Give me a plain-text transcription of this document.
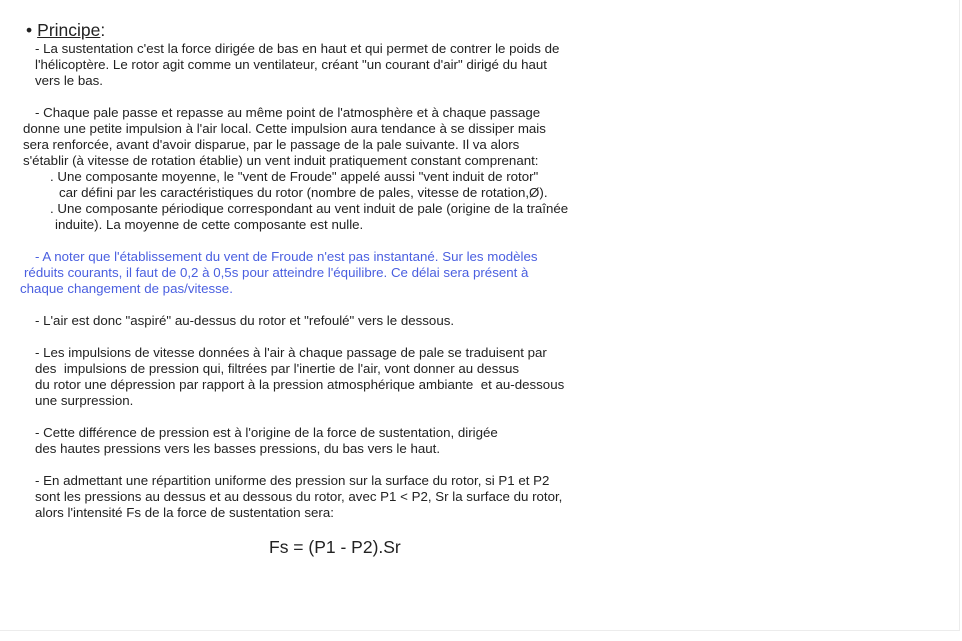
• Principe:

- La sustentation c'est la force dirigée de bas en haut et qui permet de contrer le poids de

l'hélicoptère. Le rotor agit comme un ventilateur, créant "un courant d'air" dirigé du haut

vers le bas.

- Chaque pale passe et repasse au même point de l'atmosphère et à chaque passage

donne une petite impulsion à l'air local. Cette impulsion aura tendance à se dissiper mais

sera renforcée, avant d'avoir disparue, par le passage de la pale suivante. Il va alors

s'établir (à vitesse de rotation établie) un vent induit pratiquement constant comprenant:

. Une composante moyenne, le "vent de Froude" appelé aussi "vent induit de rotor"

car défini par les caractéristiques du rotor (nombre de pales, vitesse de rotation,Ø).

. Une composante périodique correspondant au vent induit de pale (origine de la traînée

induite). La moyenne de cette composante est nulle.

- A noter que l'établissement du vent de Froude n'est pas instantané. Sur les modèles

réduits courants, il faut de 0,2 à 0,5s pour atteindre l'équilibre. Ce délai sera présent à

chaque changement de pas/vitesse.

- L'air est donc "aspiré" au-dessus du rotor et "refoulé" vers le dessous.

- Les impulsions de vitesse données à l'air à chaque passage de pale se traduisent par

des  impulsions de pression qui, filtrées par l'inertie de l'air, vont donner au dessus

du rotor une dépression par rapport à la pression atmosphérique ambiante  et au-dessous

une surpression.

- Cette différence de pression est à l'origine de la force de sustentation, dirigée

des hautes pressions vers les basses pressions, du bas vers le haut.

- En admettant une répartition uniforme des pression sur la surface du rotor, si P1 et P2

sont les pressions au dessus et au dessous du rotor, avec P1 < P2, Sr la surface du rotor,

alors l'intensité Fs de la force de sustentation sera:

Fs = (P1 - P2).Sr
